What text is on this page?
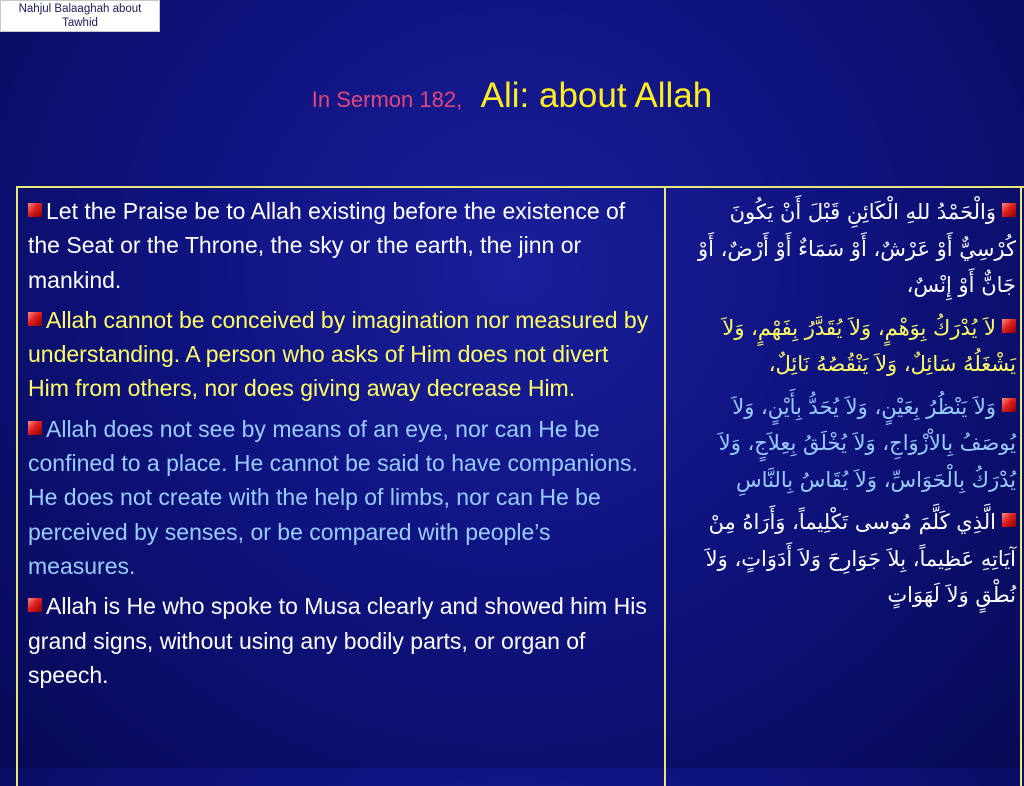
Nahjul Balaaghah about Tawhid
In Sermon 182, Ali: about Allah

Let the Praise be to Allah existing before the existence of the Seat or the Throne, the sky or the earth, the jinn or mankind.

Allah cannot be conceived by imagination nor measured by understanding. A person who asks of Him does not divert Him from others, nor does giving away decrease Him.

Allah does not see by means of an eye, nor can He be confined to a place. He cannot be said to have companions. He does not create with the help of limbs, nor can He be perceived by senses, or be compared with people’s measures.

Allah is He who spoke to Musa clearly and showed him His grand signs, without using any bodily parts, or organ of speech.

وَالْحَمْدُ للهِ الْكَائِنِ قَبْلَ أَنْ يَكُونَ كُرْسِيٌّ أَوْ عَرْشٌ، أَوْ سَمَاءٌ أَوْ أَرْضٌ، أَوْ جَانٌّ أَوْ إِنْسٌ،

لاَ يُدْرَكُ بِوَهْمٍ، وَلاَ يُقَدَّرُ بِفَهْمٍ، وَلاَ يَشْغَلُهُ سَائِلٌ، وَلاَ يَنْقُصُهُ نَائِلٌ،

وَلاَ يَنْظُرُ بِعَيْنٍ، وَلاَ يُحَدُّ بِأَيْنٍ، وَلاَ يُوصَفُ بِالاْزْوَاجِ، وَلاَ يُخْلَقُ بِعِلاَجٍ، وَلاَ يُدْرَكُ بِالْحَوَاسِّ، وَلاَ يُقَاسُ بِالنَّاسِ

الَّذِي كَلَّمَ مُوسى تَكْلِيماً، وَأَرَاهُ مِنْ آيَاتِهِ عَظِيماً، بِلاَ جَوَارِحَ وَلاَ أَدَوَاتٍ، وَلاَ نُطْقٍ وَلاَ لَهَوَاتٍ
